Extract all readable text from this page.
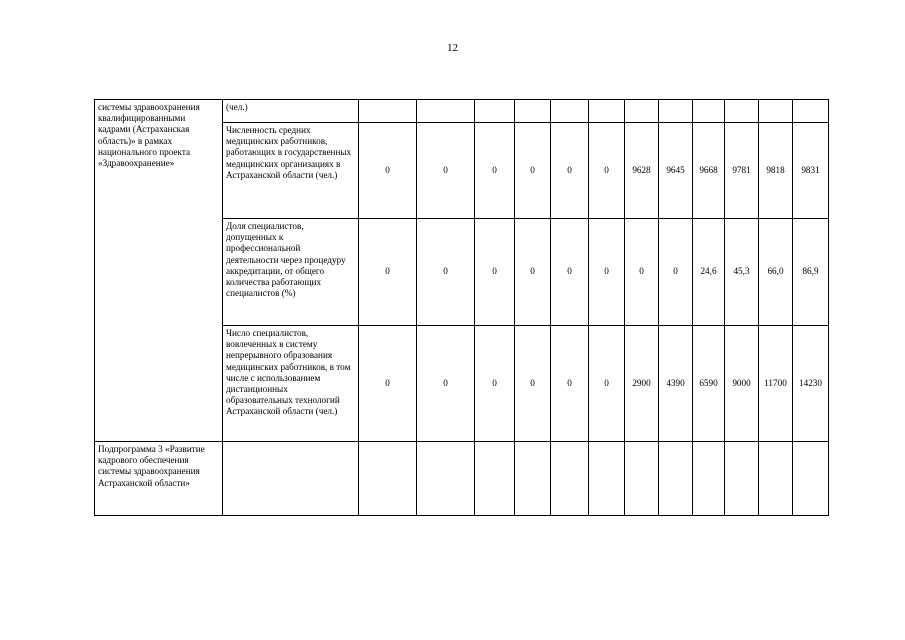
12
системы здравоохранения квалифицированными кадрами (Астраханская область)» в рамках национального проекта «Здравоохранение»	(чел.)												
	Численность средних медицинских работников, работающих в государственных медицинских организациях в Астраханской области (чел.)	0	0	0	0	0	0	9628	9645	9668	9781	9818	9831
	Доля специалистов, допущенных к профессиональной деятельности через процедуру аккредитации, от общего количества работающих специалистов (%)	0	0	0	0	0	0	0	0	24,6	45,3	66,0	86,9
	Число специалистов, вовлеченных в систему непрерывного образования медицинских работников, в том числе с использованием дистанционных образовательных технологий Астраханской области (чел.)	0	0	0	0	0	0	2900	4390	6590	9000	11700	14230
Подпрограмма 3 «Развитие кадрового обеспечения системы здравоохранения Астраханской области»													
